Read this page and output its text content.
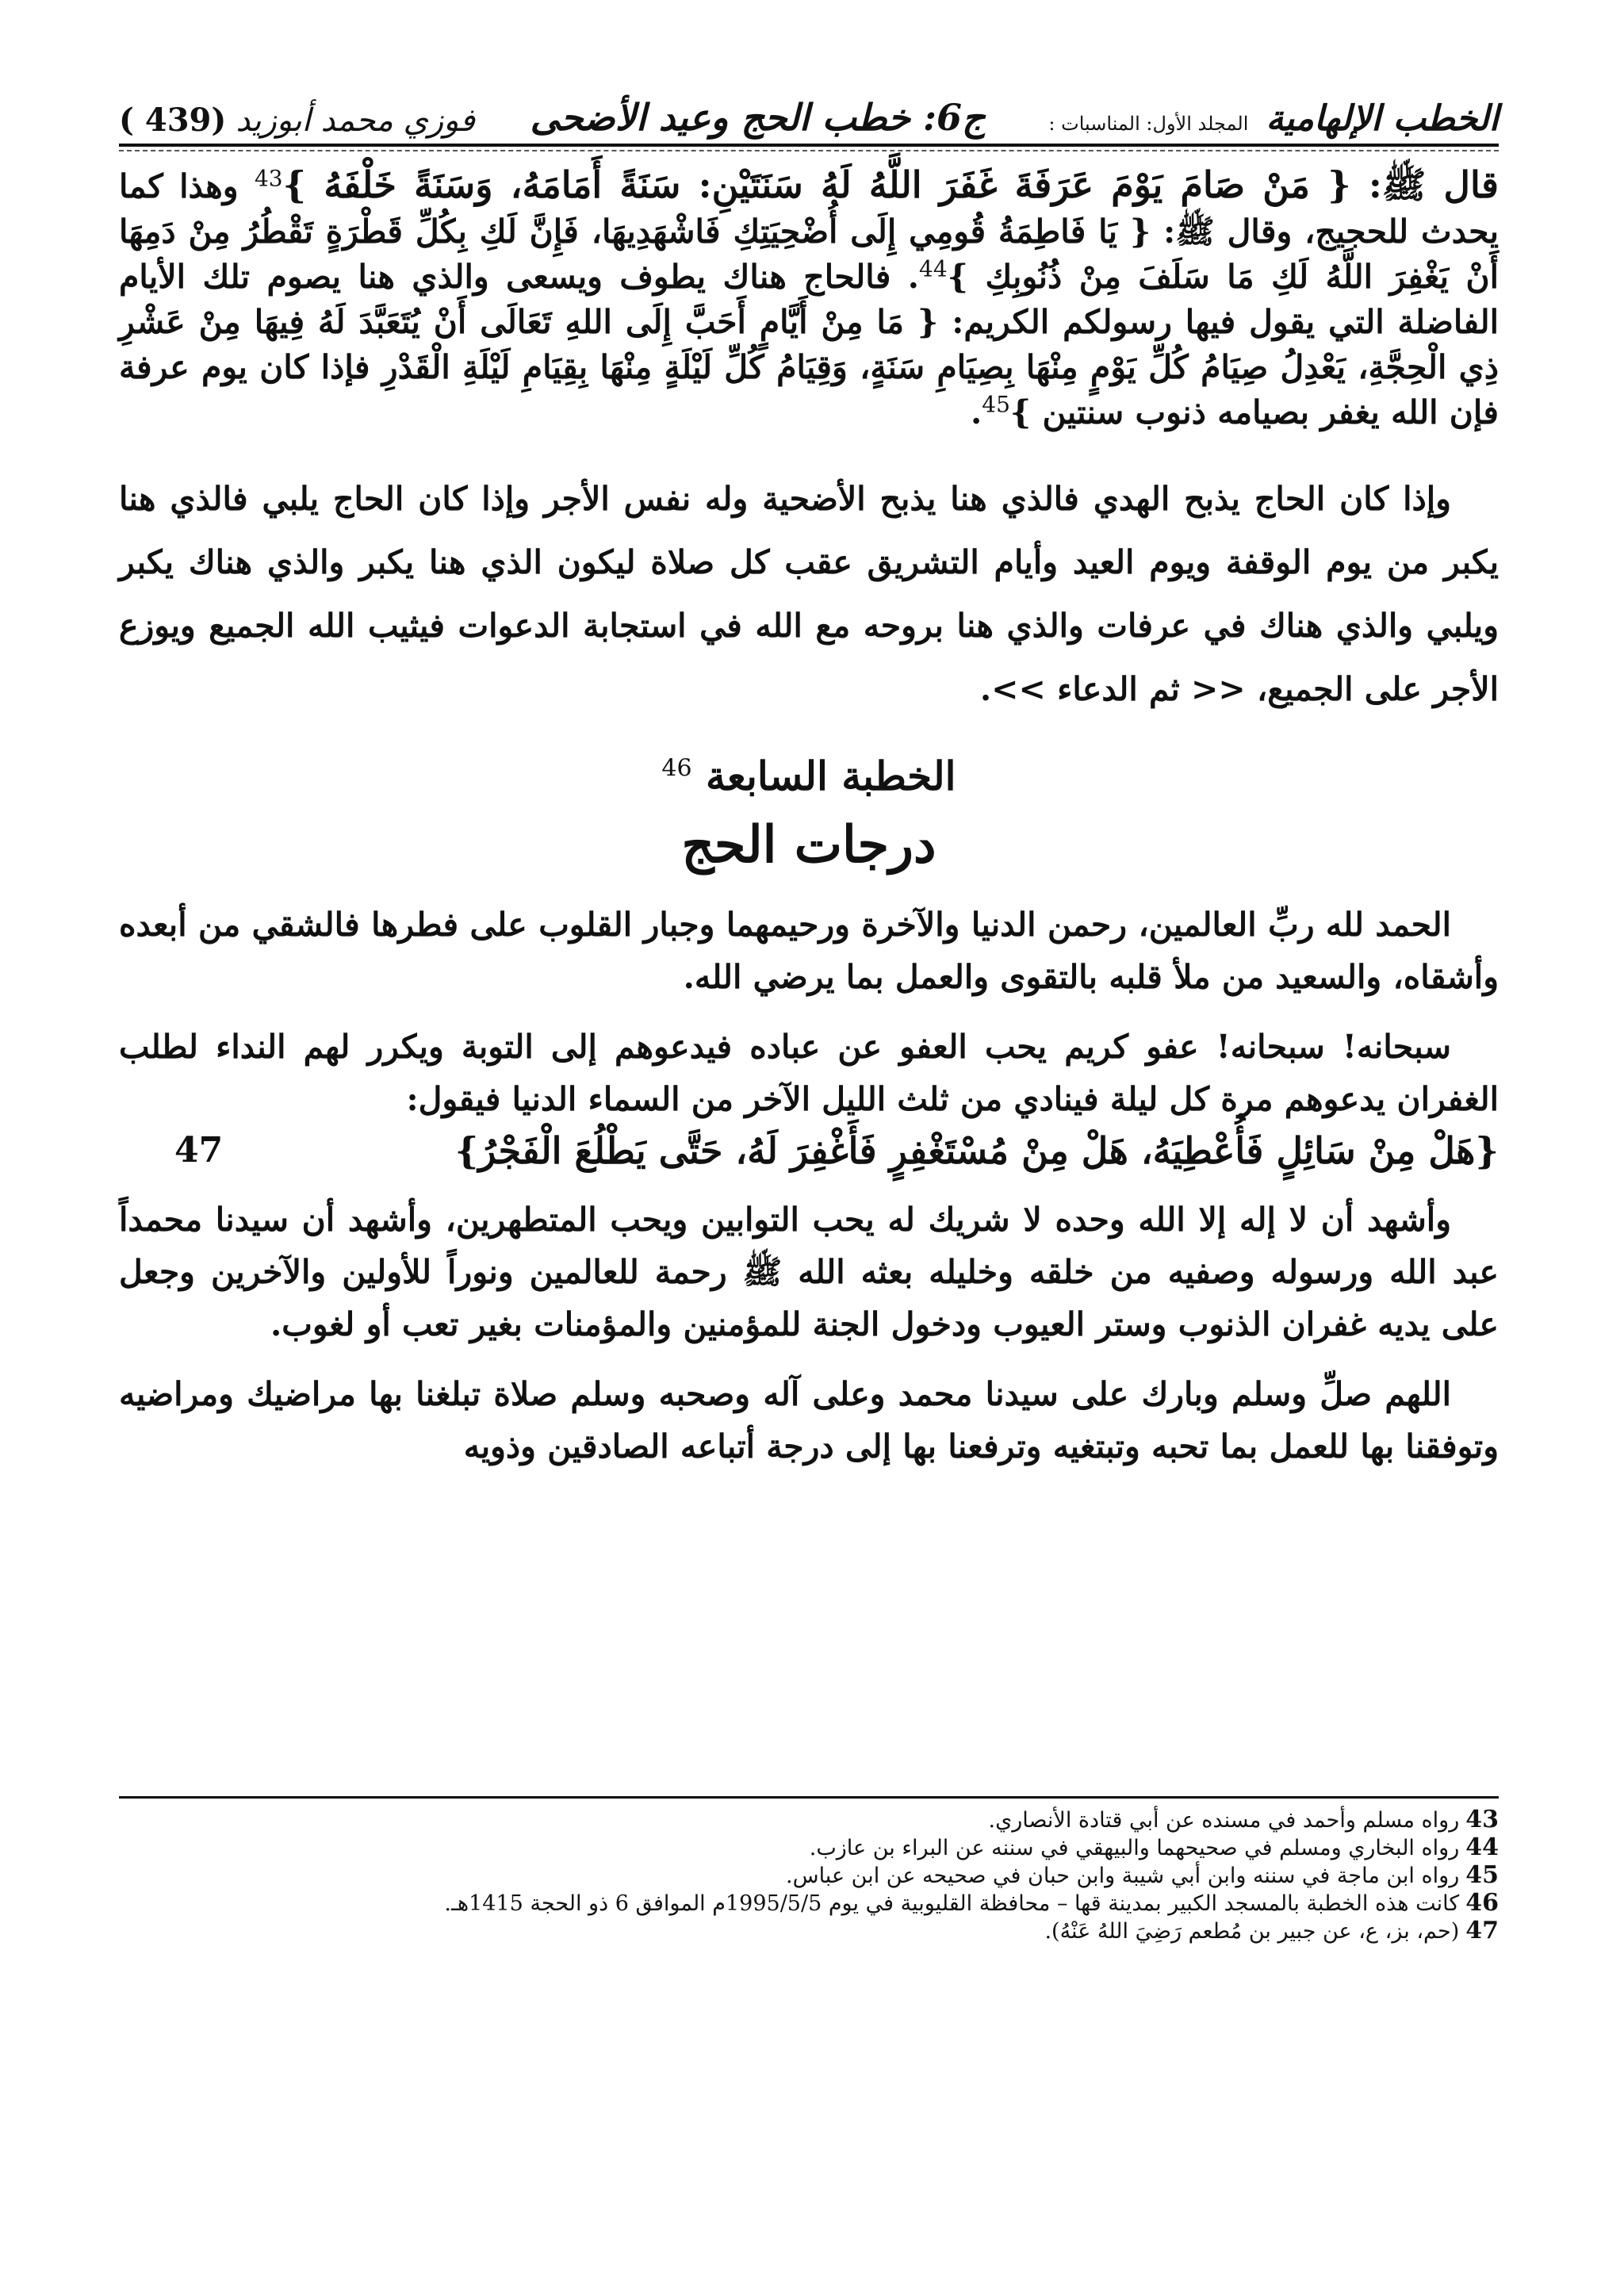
الخطب الإلهامية المجلد الأول: المناسبات :
ج6: خطب الحج وعيد الأضحى
فوزي محمد أبوزيد (439 )

قال ﷺ: { مَنْ صَامَ يَوْمَ عَرَفَةَ غَفَرَ اللَّهُ لَهُ سَنَتَيْنِ: سَنَةً أَمَامَهُ، وَسَنَةً خَلْفَهُ }$^{43}$ وهذا كما يحدث للحجيج، وقال ﷺ: { يَا فَاطِمَةُ قُومِي إِلَى أُضْحِيَتِكِ فَاشْهَدِيهَا، فَإِنَّ لَكِ بِكُلِّ قَطْرَةٍ تَقْطُرُ مِنْ دَمِهَا أَنْ يَغْفِرَ اللَّهُ لَكِ مَا سَلَفَ مِنْ ذُنُوبِكِ }$^{44}$. فالحاج هناك يطوف ويسعى والذي هنا يصوم تلك الأيام الفاضلة التي يقول فيها رسولكم الكريم: { مَا مِنْ أَيَّامٍ أَحَبَّ إِلَى اللهِ تَعَالَى أَنْ يُتَعَبَّدَ لَهُ فِيهَا مِنْ عَشْرِ ذِي الْحِجَّةِ، يَعْدِلُ صِيَامُ كُلِّ يَوْمٍ مِنْهَا بِصِيَامِ سَنَةٍ، وَقِيَامُ كُلِّ لَيْلَةٍ مِنْهَا بِقِيَامِ لَيْلَةِ الْقَدْرِ فإذا كان يوم عرفة فإن الله يغفر بصيامه ذنوب سنتين }$^{45}$.

وإذا كان الحاج يذبح الهدي فالذي هنا يذبح الأضحية وله نفس الأجر وإذا كان الحاج يلبي فالذي هنا يكبر من يوم الوقفة ويوم العيد وأيام التشريق عقب كل صلاة ليكون الذي هنا يكبر والذي هناك يكبر ويلبي والذي هناك في عرفات والذي هنا بروحه مع الله في استجابة الدعوات فيثيب الله الجميع ويوزع الأجر على الجميع، << ثم الدعاء >>.

الخطبة السابعة $^{46}$
درجات الحج

الحمد لله ربِّ العالمين، رحمن الدنيا والآخرة ورحيمهما وجبار القلوب على فطرها فالشقي من أبعده وأشقاه، والسعيد من ملأ قلبه بالتقوى والعمل بما يرضي الله.

سبحانه! سبحانه! عفو كريم يحب العفو عن عباده فيدعوهم إلى التوبة ويكرر لهم النداء لطلب الغفران يدعوهم مرة كل ليلة فينادي من ثلث الليل الآخر من السماء الدنيا فيقول:

{هَلْ مِنْ سَائِلٍ فَأُعْطِيَهُ، هَلْ مِنْ مُسْتَغْفِرٍ فَأَغْفِرَ لَهُ، حَتَّى يَطْلُعَ الْفَجْرُ}
47

وأشهد أن لا إله إلا الله وحده لا شريك له يحب التوابين ويحب المتطهرين، وأشهد أن سيدنا محمداً عبد الله ورسوله وصفيه من خلقه وخليله بعثه الله ﷺ رحمة للعالمين ونوراً للأولين والآخرين وجعل على يديه غفران الذنوب وستر العيوب ودخول الجنة للمؤمنين والمؤمنات بغير تعب أو لغوب.

اللهم صلِّ وسلم وبارك على سيدنا محمد وعلى آله وصحبه وسلم صلاة تبلغنا بها مراضيك ومراضيه وتوفقنا بها للعمل بما تحبه وتبتغيه وترفعنا بها إلى درجة أتباعه الصادقين وذويه

43رواه مسلم وأحمد في مسنده عن أبي قتادة الأنصاري.

44رواه البخاري ومسلم في صحيحهما والبيهقي في سننه عن البراء بن عازب.

45رواه ابن ماجة في سننه وابن أبي شيبة وابن حبان في صحيحه عن ابن عباس.

46كانت هذه الخطبة بالمسجد الكبير بمدينة قها – محافظة القليوبية في يوم 1995/5/5م الموافق 6 ذو الحجة 1415هـ.

47(حم، بز، ع، عن جبير بن مُطعم رَضِيَ اللهُ عَنْهُ).
